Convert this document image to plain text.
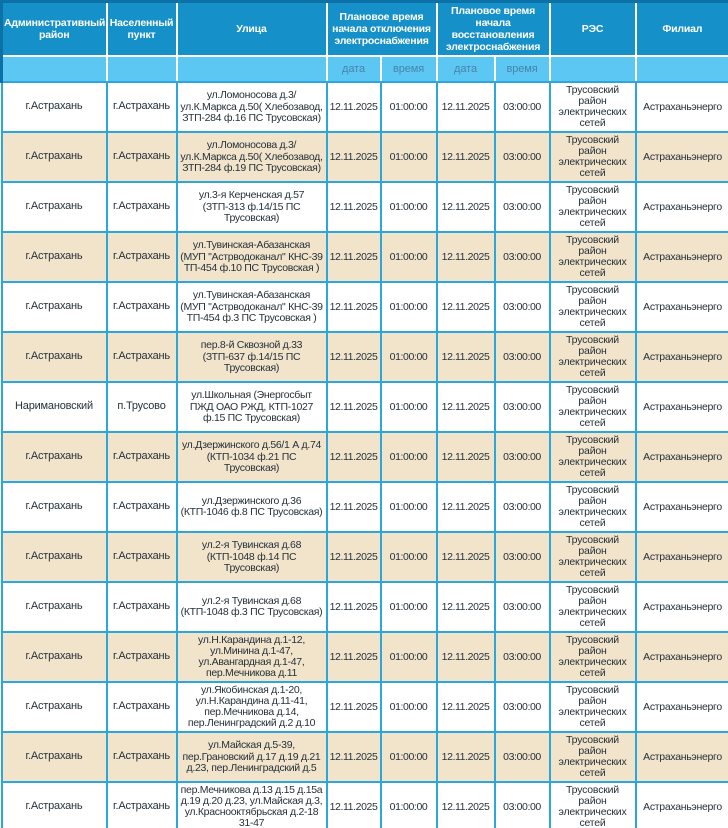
Административный район	Населенный пункт	Улица	Плановое время начала отключения электроснабжения		Плановое время начала восстановления электроснабжения		РЭС	Филиал
			дата	время	дата	время		
г.Астрахань	г.Астрахань	ул.Ломоносова д.3/ ул.К.Маркса д.50( Хлебозавод, ЗТП-284 ф.16 ПС Трусовская)	12.11.2025	01:00:00	12.11.2025	03:00:00	Трусовский район электрических сетей	Астраханьэнерго
г.Астрахань	г.Астрахань	ул.Ломоносова д.3/ ул.К.Маркса д.50( Хлебозавод, ЗТП-284 ф.19 ПС Трусовская)	12.11.2025	01:00:00	12.11.2025	03:00:00	Трусовский район электрических сетей	Астраханьэнерго
г.Астрахань	г.Астрахань	ул.3-я Керченская д.57 (ЗТП-313 ф.14/15 ПС Трусовская)	12.11.2025	01:00:00	12.11.2025	03:00:00	Трусовский район электрических сетей	Астраханьэнерго
г.Астрахань	г.Астрахань	ул.Тувинская-Абазанская (МУП "Астрводоканал" КНС-39 ТП-454 ф.10 ПС Трусовская )	12.11.2025	01:00:00	12.11.2025	03:00:00	Трусовский район электрических сетей	Астраханьэнерго
г.Астрахань	г.Астрахань	ул.Тувинская-Абазанская (МУП "Астрводоканал" КНС-39 ТП-454 ф.3 ПС Трусовская )	12.11.2025	01:00:00	12.11.2025	03:00:00	Трусовский район электрических сетей	Астраханьэнерго
г.Астрахань	г.Астрахань	пер.8-й Сквозной д.33 (ЗТП-637 ф.14/15 ПС Трусовская)	12.11.2025	01:00:00	12.11.2025	03:00:00	Трусовский район электрических сетей	Астраханьэнерго
Наримановский	п.Трусово	ул.Школьная (Энергосбыт ПЖД ОАО РЖД, КТП-1027 ф.15 ПС Трусовская)	12.11.2025	01:00:00	12.11.2025	03:00:00	Трусовский район электрических сетей	Астраханьэнерго
г.Астрахань	г.Астрахань	ул.Дзержинского д.56/1 А д.74 (КТП-1034 ф.21 ПС Трусовская)	12.11.2025	01:00:00	12.11.2025	03:00:00	Трусовский район электрических сетей	Астраханьэнерго
г.Астрахань	г.Астрахань	ул.Дзержинского д.36 (КТП-1046 ф.8 ПС Трусовская)	12.11.2025	01:00:00	12.11.2025	03:00:00	Трусовский район электрических сетей	Астраханьэнерго
г.Астрахань	г.Астрахань	ул.2-я Тувинская д.68 (КТП-1048 ф.14 ПС Трусовская)	12.11.2025	01:00:00	12.11.2025	03:00:00	Трусовский район электрических сетей	Астраханьэнерго
г.Астрахань	г.Астрахань	ул.2-я Тувинская д.68 (КТП-1048 ф.3 ПС Трусовская)	12.11.2025	01:00:00	12.11.2025	03:00:00	Трусовский район электрических сетей	Астраханьэнерго
г.Астрахань	г.Астрахань	ул.Н.Карандина д.1-12, ул.Минина д.1-47, ул.Авангардная д.1-47, пер.Мечникова д.11	12.11.2025	01:00:00	12.11.2025	03:00:00	Трусовский район электрических сетей	Астраханьэнерго
г.Астрахань	г.Астрахань	ул.Якобинская д.1-20, ул.Н.Карандина д.11-41, пер.Мечникова д.14, пер.Ленинградский д.2 д.10	12.11.2025	01:00:00	12.11.2025	03:00:00	Трусовский район электрических сетей	Астраханьэнерго
г.Астрахань	г.Астрахань	ул.Майская д.5-39, пер.Грановский д.17 д.19 д.21 д.23, пер.Ленинградский д.5	12.11.2025	01:00:00	12.11.2025	03:00:00	Трусовский район электрических сетей	Астраханьэнерго
г.Астрахань	г.Астрахань	пер.Мечникова д.13 д.15 д.15а д.19 д.20 д.23, ул.Майская д.3, ул.Краснооктябрьская д.2-18 31-47	12.11.2025	01:00:00	12.11.2025	03:00:00	Трусовский район электрических сетей	Астраханьэнерго
